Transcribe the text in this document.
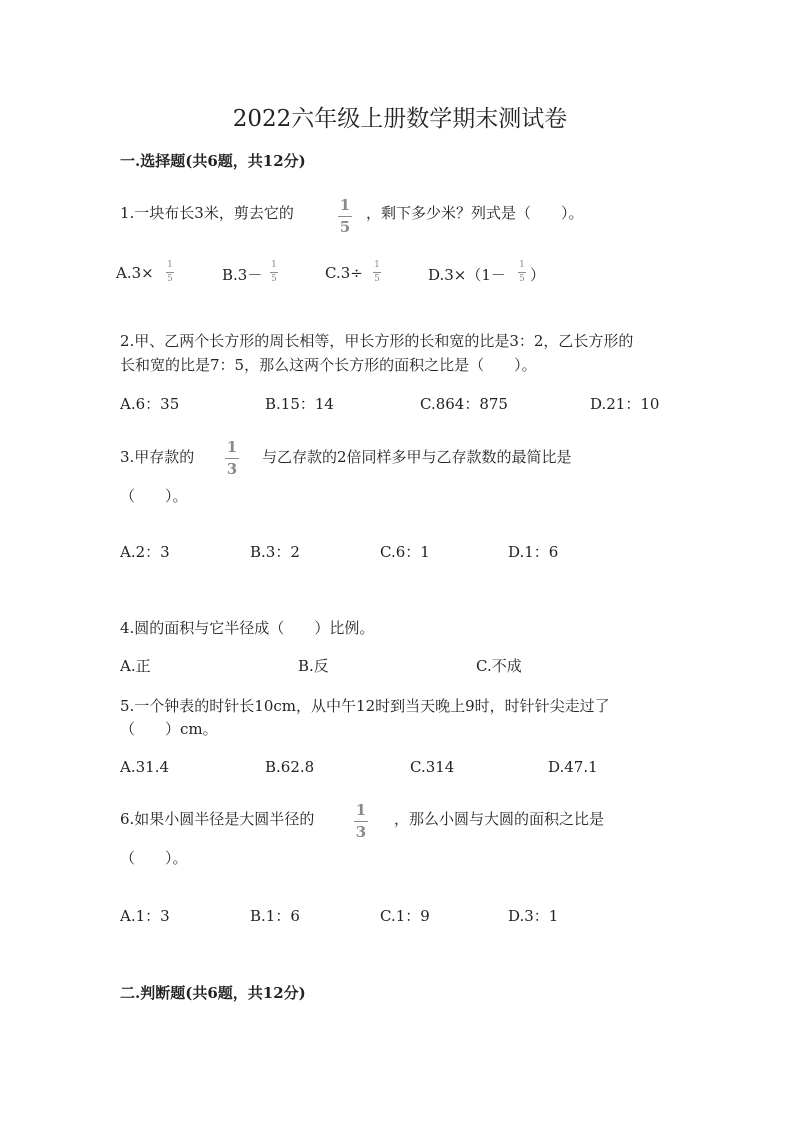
2022六年级上册数学期末测试卷
一.选择题(共6题，共12分)
1.一块布长3米，剪去它的	1
5
，剩下多少米？列式是（　　）。
A.3× 1
5	B.3－
1
5	C.3÷ 1
5	D.3×（1－
1
5 ）
2.甲、乙两个长方形的周长相等，甲长方形的长和宽的比是3：2，乙长方形的
长和宽的比是7：5，那么这两个长方形的面积之比是（　　）。
A.6：35	B.15：14	C.864：875	D.21：10
3.甲存款的
1
3
与乙存款的2倍同样多甲与乙存款数的最简比是
（　　）。
A.2：3	B.3：2	C.6：1	D.1：6
4.圆的面积与它半径成（　　）比例。
A.正	B.反	C.不成
5.一个钟表的时针长10cm，从中午12时到当天晚上9时，时针针尖走过了
（　　）cm。
A.31.4	B.62.8	C.314	D.47.1
6.如果小圆半径是大圆半径的	1
3
，那么小圆与大圆的面积之比是
（　　）。
A.1：3	B.1：6	C.1：9	D.3：1
二.判断题(共6题，共12分)
